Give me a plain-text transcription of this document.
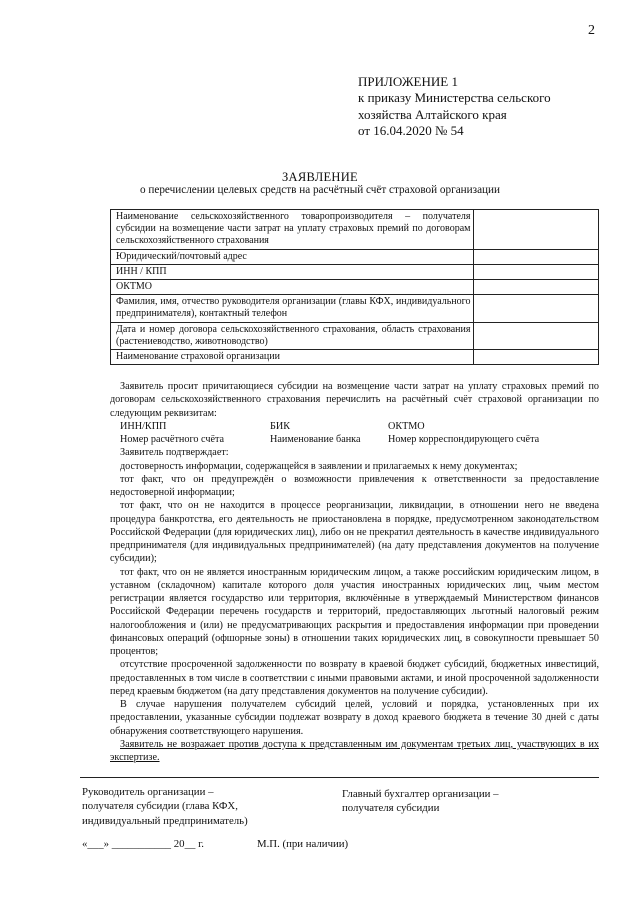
2
ПРИЛОЖЕНИЕ 1
к приказу Министерства сельского
хозяйства Алтайского края
от 16.04.2020 № 54
ЗАЯВЛЕНИЕ
о перечислении целевых средств на расчётный счёт страховой организации
Наименование сельскохозяйственного товаропроизводителя – получателя субсидии на возмещение части затрат на уплату страховых премий по договорам сельскохозяйственного страхования	
Юридический/почтовый адрес	
ИНН / КПП	
ОКТМО	
Фамилия, имя, отчество руководителя организации (главы КФХ, индивидуального предпринимателя), контактный телефон	
Дата и номер договора сельскохозяйственного страхования, область страхования (растениеводство, животноводство)	
Наименование страховой организации	

Заявитель просит причитающиеся субсидии на возмещение части затрат на уплату страховых премий по договорам сельскохозяйственного страхования перечислить на расчётный счёт страховой организации по следующим реквизитам:

ИНН/КПП	БИК	ОКТМО
Номер расчётного счёта	Наименование банка	Номер корреспондирующего счёта

Заявитель подтверждает:

достоверность информации, содержащейся в заявлении и прилагаемых к нему документах;

тот факт, что он предупреждён о возможности привлечения к ответственности за предоставление недостоверной информации;

тот факт, что он не находится в процессе реорганизации, ликвидации, в отношении него не введена процедура банкротства, его деятельность не приостановлена в порядке, предусмотренном законодательством Российской Федерации (для юридических лиц), либо он не прекратил деятельность в качестве индивидуального предпринимателя (для индивидуальных предпринимателей) (на дату представления документов на получение субсидии);

тот факт, что он не является иностранным юридическим лицом, а также российским юридическим лицом, в уставном (складочном) капитале которого доля участия иностранных юридических лиц, чьим местом регистрации является государство или территория, включённые в утверждаемый Министерством финансов Российской Федерации перечень государств и территорий, предоставляющих льготный налоговый режим налогообложения и (или) не предусматривающих раскрытия и предоставления информации при проведении финансовых операций (офшорные зоны) в отношении таких юридических лиц, в совокупности превышает 50 процентов;

отсутствие просроченной задолженности по возврату в краевой бюджет субсидий, бюджетных инвестиций, предоставленных в том числе в соответствии с иными правовыми актами, и иной просроченной задолженности перед краевым бюджетом (на дату представления документов на получение субсидии).

В случае нарушения получателем субсидий целей, условий и порядка, установленных при их предоставлении, указанные субсидии подлежат возврату в доход краевого бюджета в течение 30 дней с даты обнаружения соответствующего нарушения.

Заявитель не возражает против доступа к представленным им документам третьих лиц, участвующих в их экспертизе.

Руководитель организации –
получателя субсидии (глава КФХ,
индивидуальный предприниматель)
Главный бухгалтер организации –
получателя субсидии
«___» ___________ 20__ г.	М.П. (при наличии)
